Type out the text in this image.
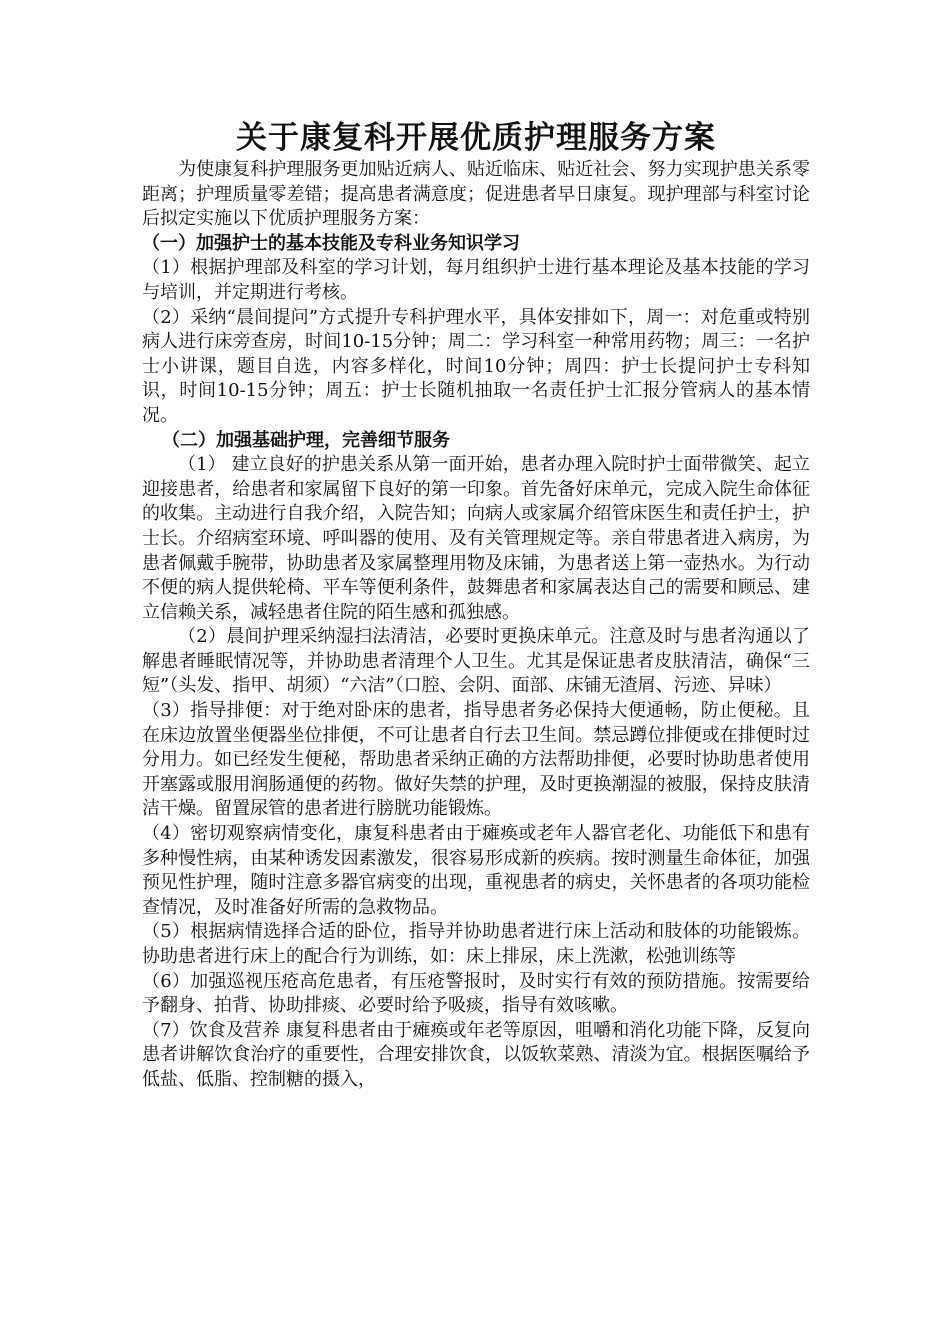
关于康复科开展优质护理服务方案

为使康复科护理服务更加贴近病人、贴近临床、贴近社会、努力实现护患关系零距离；护理质量零差错；提高患者满意度；促进患者早日康复。现护理部与科室讨论后拟定实施以下优质护理服务方案：

（一）加强护士的基本技能及专科业务知识学习

（1）根据护理部及科室的学习计划，每月组织护士进行基本理论及基本技能的学习与培训，并定期进行考核。

（2）采纳“晨间提问”方式提升专科护理水平，具体安排如下，周一：对危重或特别病人进行床旁查房，时间10-15分钟；周二：学习科室一种常用药物；周三：一名护士小讲课，题目自选，内容多样化，时间10分钟；周四：护士长提问护士专科知识，时间10-15分钟；周五：护士长随机抽取一名责任护士汇报分管病人的基本情况。

（二）加强基础护理，完善细节服务

（1） 建立良好的护患关系从第一面开始，患者办理入院时护士面带微笑、起立迎接患者，给患者和家属留下良好的第一印象。首先备好床单元，完成入院生命体征的收集。主动进行自我介绍，入院告知；向病人或家属介绍管床医生和责任护士，护士长。介绍病室环境、呼叫器的使用、及有关管理规定等。亲自带患者进入病房，为患者佩戴手腕带，协助患者及家属整理用物及床铺，为患者送上第一壶热水。为行动不便的病人提供轮椅、平车等便利条件，鼓舞患者和家属表达自己的需要和顾忌、建立信赖关系，减轻患者住院的陌生感和孤独感。

（2）晨间护理采纳湿扫法清洁，必要时更换床单元。注意及时与患者沟通以了解患者睡眠情况等，并协助患者清理个人卫生。尤其是保证患者皮肤清洁，确保“三短”（头发、指甲、胡须）“六洁”（口腔、会阴、面部、床铺无渣屑、污迹、异味）

（3）指导排便：对于绝对卧床的患者，指导患者务必保持大便通畅，防止便秘。且在床边放置坐便器坐位排便，不可让患者自行去卫生间。禁忌蹲位排便或在排便时过分用力。如已经发生便秘，帮助患者采纳正确的方法帮助排便，必要时协助患者使用开塞露或服用润肠通便的药物。做好失禁的护理，及时更换潮湿的被服，保持皮肤清洁干燥。留置尿管的患者进行膀胱功能锻炼。

（4）密切观察病情变化，康复科患者由于瘫痪或老年人器官老化、功能低下和患有多种慢性病，由某种诱发因素激发，很容易形成新的疾病。按时测量生命体征，加强预见性护理，随时注意多器官病变的出现，重视患者的病史，关怀患者的各项功能检查情况，及时准备好所需的急救物品。

（5）根据病情选择合适的卧位，指导并协助患者进行床上活动和肢体的功能锻炼。协助患者进行床上的配合行为训练，如：床上排尿，床上洗漱，松弛训练等

（6）加强巡视压疮高危患者，有压疮警报时，及时实行有效的预防措施。按需要给予翻身、拍背、协助排痰、必要时给予吸痰，指导有效咳嗽。

（7）饮食及营养 康复科患者由于瘫痪或年老等原因，咀嚼和消化功能下降，反复向患者讲解饮食治疗的重要性，合理安排饮食，以饭软菜熟、清淡为宜。根据医嘱给予低盐、低脂、控制糖的摄入，
